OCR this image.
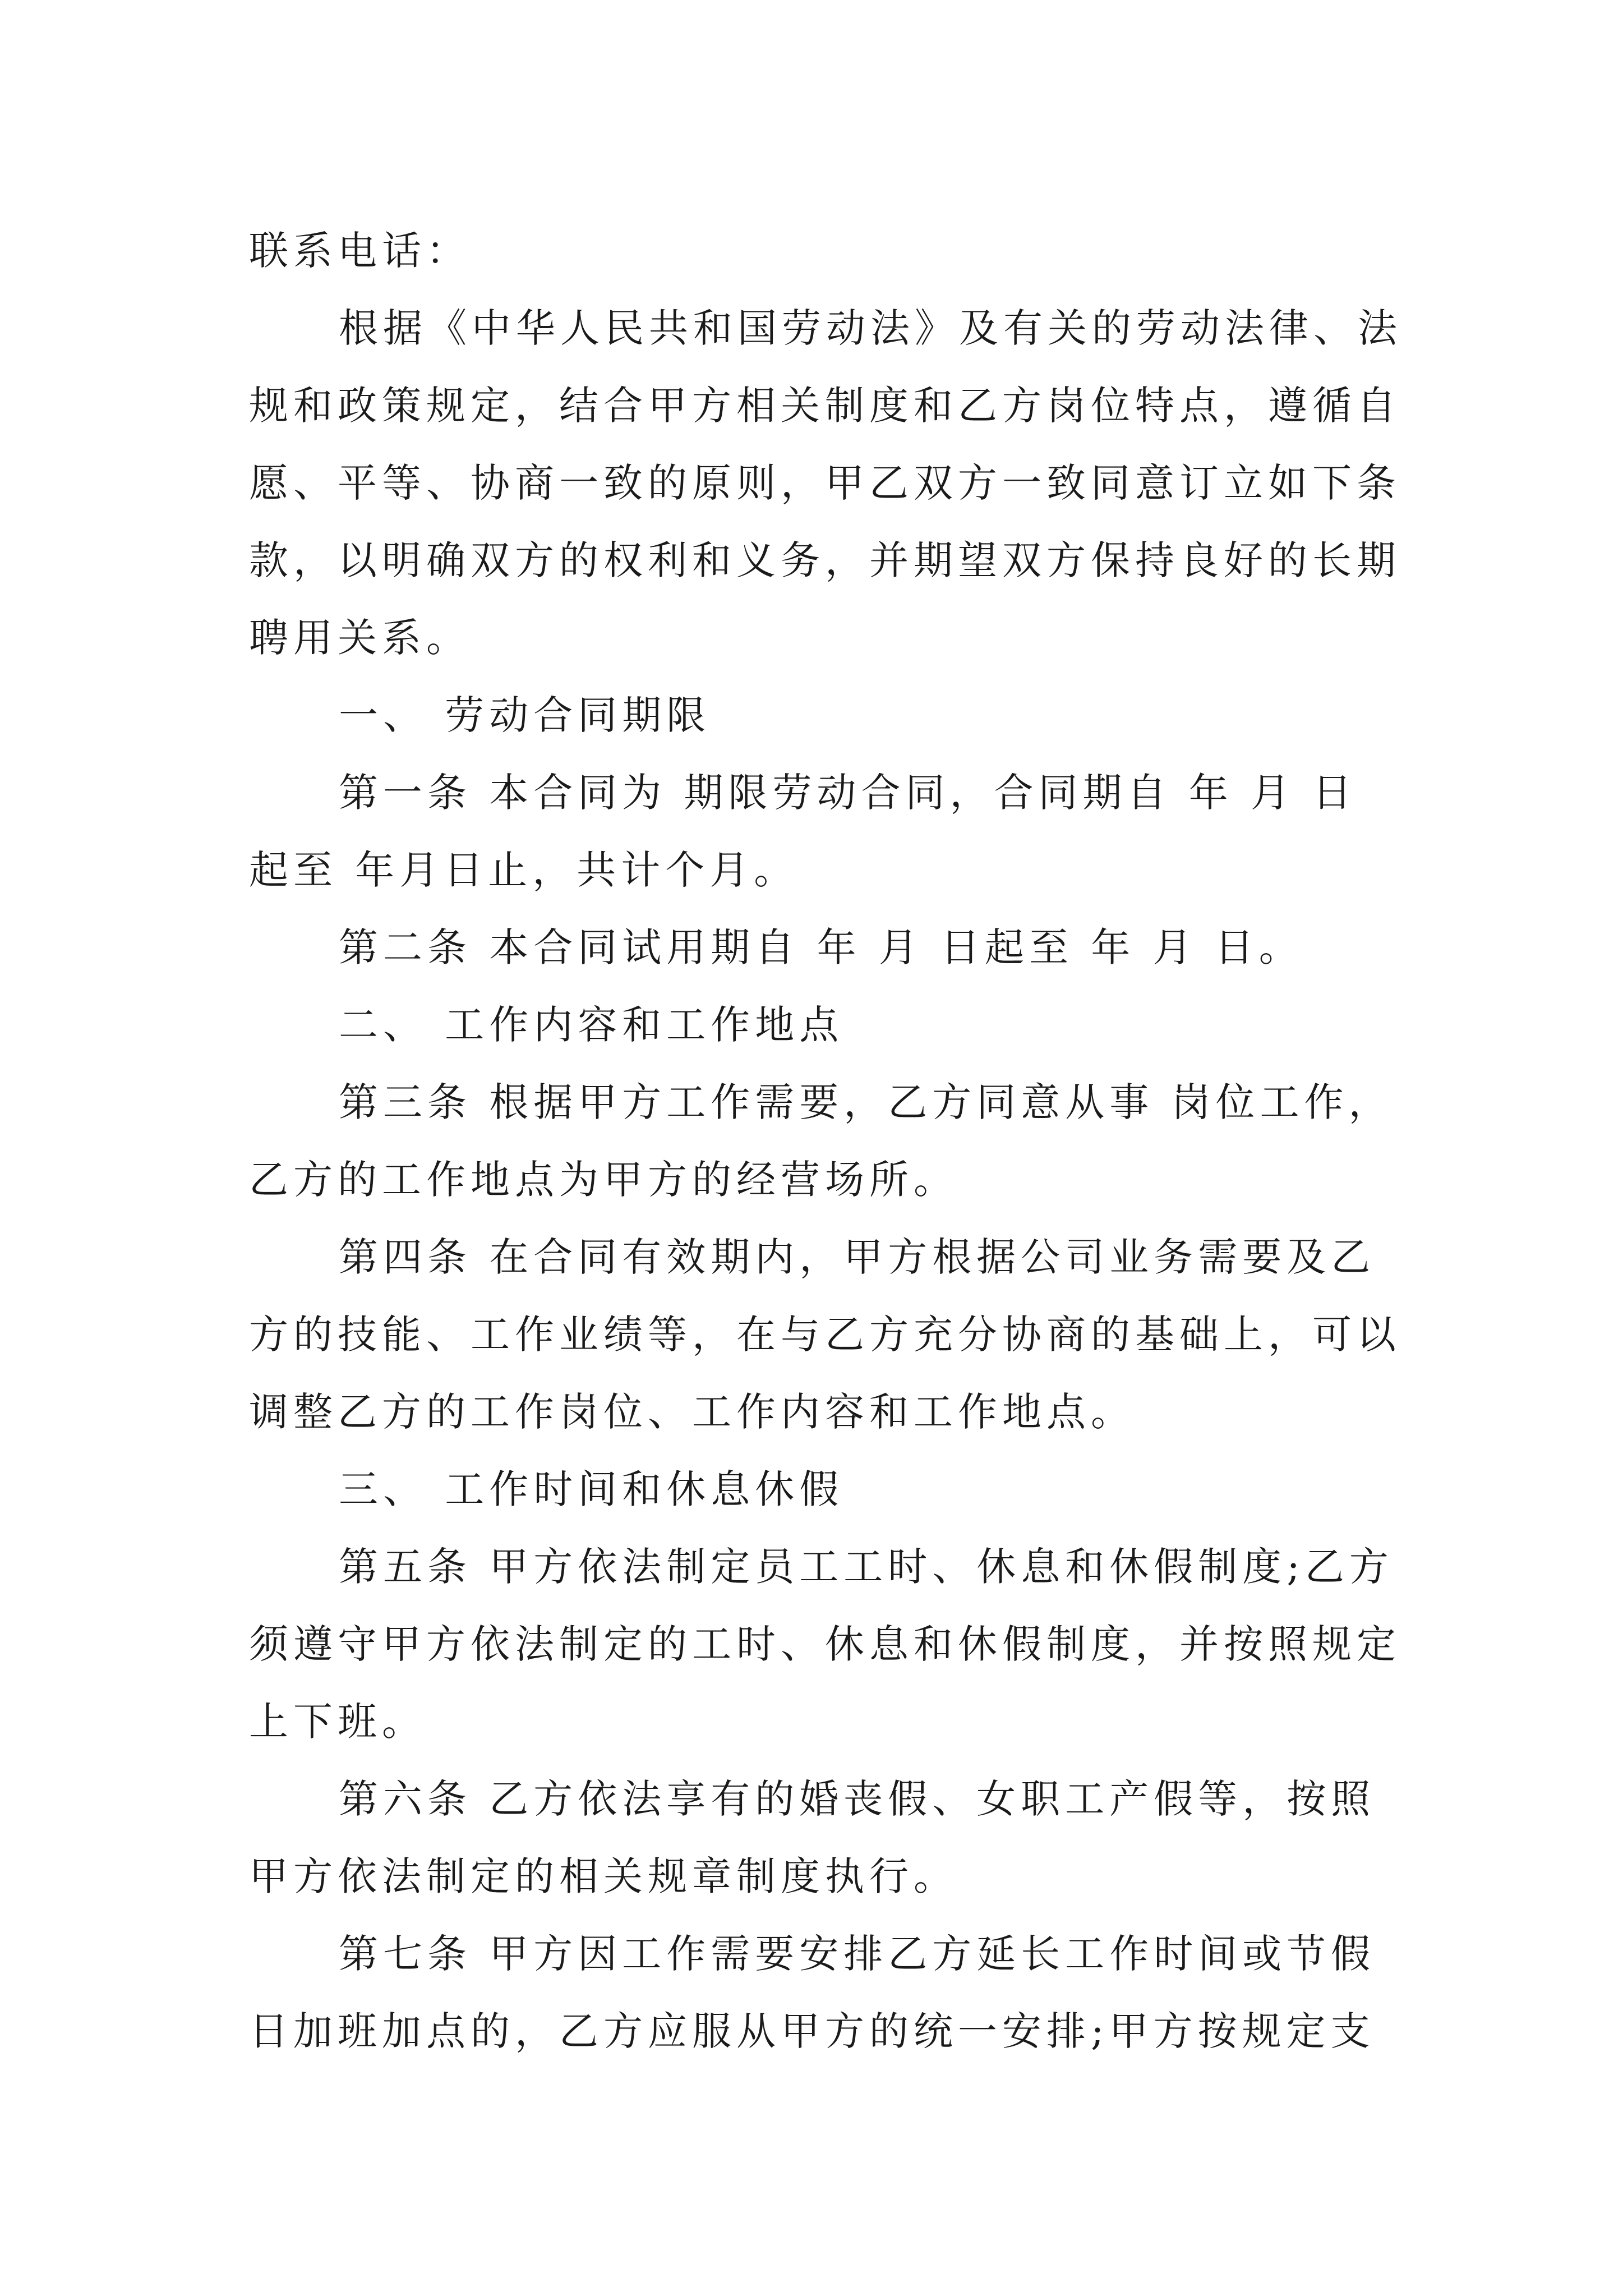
联系电话：
根据《中华人民共和国劳动法》及有关的劳动法律、法
规和政策规定，结合甲方相关制度和乙方岗位特点，遵循自
愿、平等、协商一致的原则，甲乙双方一致同意订立如下条
款，以明确双方的权利和义务，并期望双方保持良好的长期
聘用关系。
一、 劳动合同期限
第一条 本合同为 期限劳动合同，合同期自 年 月 日
起至 年月日止，共计个月。
第二条 本合同试用期自 年 月 日起至 年 月 日。
二、 工作内容和工作地点
第三条 根据甲方工作需要，乙方同意从事 岗位工作，
乙方的工作地点为甲方的经营场所。
第四条 在合同有效期内，甲方根据公司业务需要及乙
方的技能、工作业绩等，在与乙方充分协商的基础上，可以
调整乙方的工作岗位、工作内容和工作地点。
三、 工作时间和休息休假
第五条 甲方依法制定员工工时、休息和休假制度;乙方
须遵守甲方依法制定的工时、休息和休假制度，并按照规定
上下班。
第六条 乙方依法享有的婚丧假、女职工产假等，按照
甲方依法制定的相关规章制度执行。
第七条 甲方因工作需要安排乙方延长工作时间或节假
日加班加点的，乙方应服从甲方的统一安排;甲方按规定支
